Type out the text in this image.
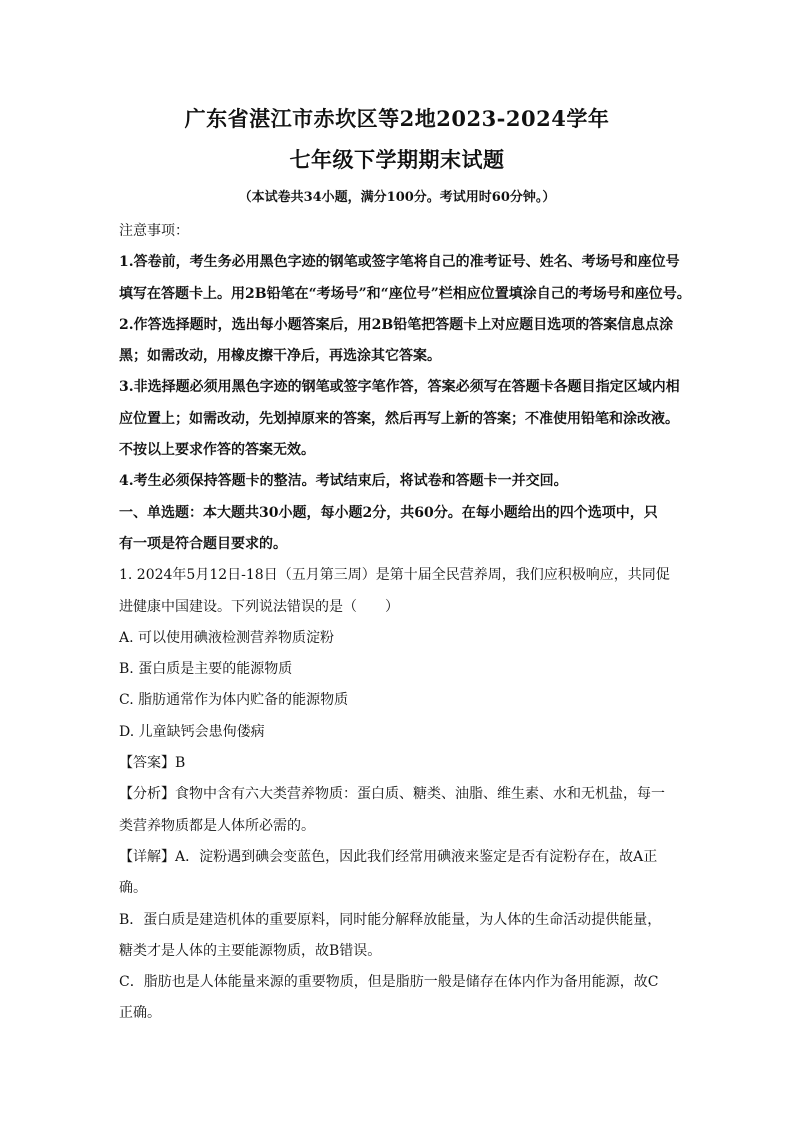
广东省湛江市赤坎区等2地2023-2024学年
七年级下学期期末试题
（本试卷共34小题，满分100分。考试用时60分钟。）
注意事项：
1.答卷前，考生务必用黑色字迹的钢笔或签字笔将自己的准考证号、姓名、考场号和座位号
填写在答题卡上。用2B铅笔在“考场号”和“座位号”栏相应位置填涂自己的考场号和座位号。
2.作答选择题时，选出每小题答案后，用2B铅笔把答题卡上对应题目选项的答案信息点涂
黑；如需改动，用橡皮擦干净后，再选涂其它答案。
3.非选择题必须用黑色字迹的钢笔或签字笔作答，答案必须写在答题卡各题目指定区域内相
应位置上；如需改动，先划掉原来的答案，然后再写上新的答案；不准使用铅笔和涂改液。
不按以上要求作答的答案无效。
4.考生必须保持答题卡的整洁。考试结束后，将试卷和答题卡一并交回。
一、单选题：本大题共30小题，每小题2分，共60分。在每小题给出的四个选项中，只
有一项是符合题目要求的。
1. 2024年5月12日-18日（五月第三周）是第十届全民营养周，我们应积极响应，共同促
进健康中国建设。下列说法错误的是（　　）
A. 可以使用碘液检测营养物质淀粉
B. 蛋白质是主要的能源物质
C. 脂肪通常作为体内贮备的能源物质
D. 儿童缺钙会患佝偻病
【答案】B
【分析】食物中含有六大类营养物质：蛋白质、糖类、油脂、维生素、水和无机盐，每一
类营养物质都是人体所必需的。
【详解】A．淀粉遇到碘会变蓝色，因此我们经常用碘液来鉴定是否有淀粉存在，故A正
确。
B．蛋白质是建造机体的重要原料，同时能分解释放能量，为人体的生命活动提供能量，
糖类才是人体的主要能源物质，故B错误。
C．脂肪也是人体能量来源的重要物质，但是脂肪一般是储存在体内作为备用能源，故C
正确。
